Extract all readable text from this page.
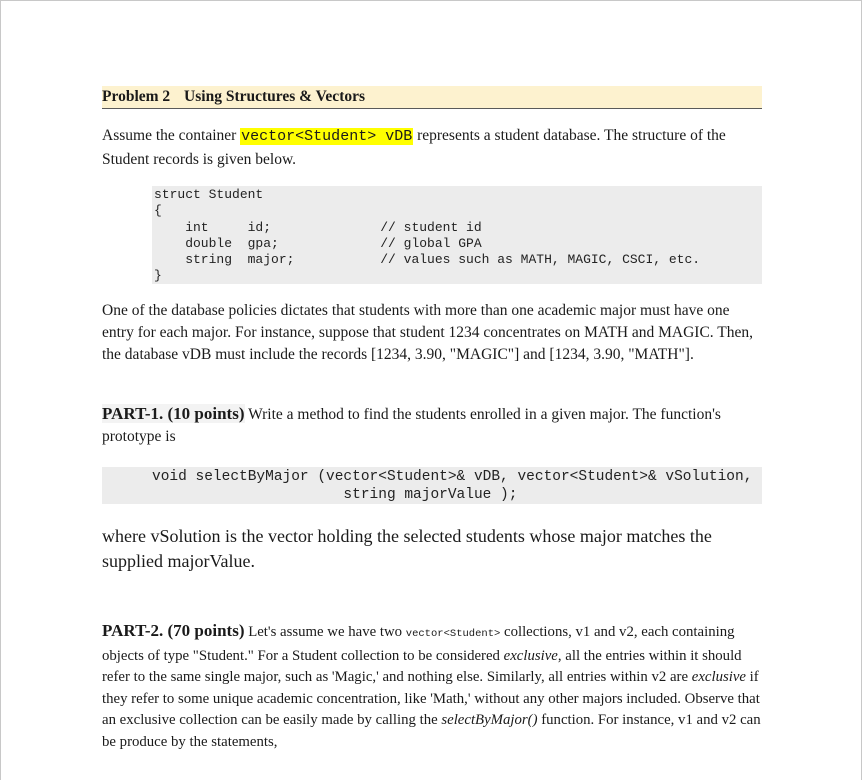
Problem 2 Using Structures & Vectors
Assume the container vector<Student> vDB represents a student database. The structure of the Student records is given below.
struct Student
{
int     id;              // student id
double  gpa;             // global GPA
string  major;           // values such as MATH, MAGIC, CSCI, etc.
}
One of the database policies dictates that students with more than one academic major must have one entry for each major. For instance, suppose that student 1234 concentrates on MATH and MAGIC. Then, the database vDB must include the records [1234, 3.90, "MAGIC"] and [1234, 3.90, "MATH"].
PART-1. (10 points) Write a method to find the students enrolled in a given major. The function's prototype is
void selectByMajor (vector<Student>& vDB, vector<Student>& vSolution,
string majorValue );
where vSolution is the vector holding the selected students whose major matches the supplied majorValue.
PART-2. (70 points) Let's assume we have two vector<Student> collections, v1 and v2, each containing objects of type "Student." For a Student collection to be considered exclusive, all the entries within it should refer to the same single major, such as 'Magic,' and nothing else. Similarly, all entries within v2 are exclusive if they refer to some unique academic concentration, like 'Math,' without any other majors included. Observe that an exclusive collection can be easily made by calling the selectByMajor() function. For instance, v1 and v2 can be produce by the statements,
